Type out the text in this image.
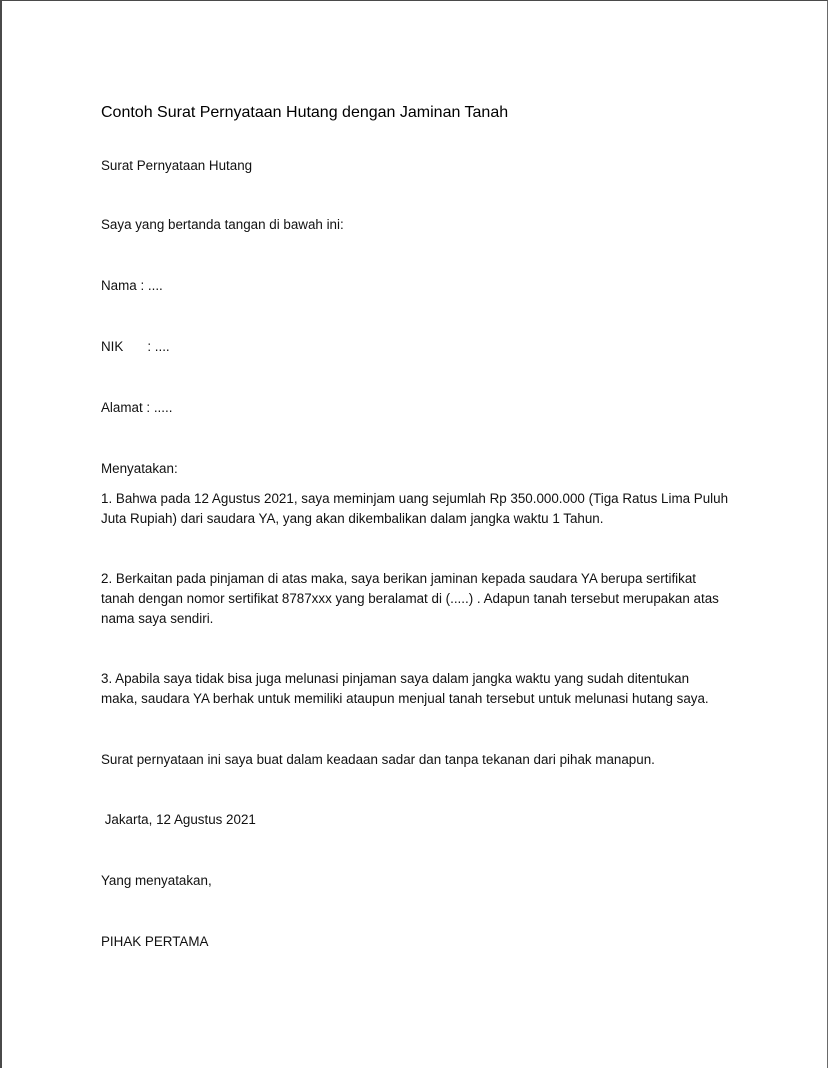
Contoh Surat Pernyataan Hutang dengan Jaminan Tanah
Surat Pernyataan Hutang
Saya yang bertanda tangan di bawah ini:
Nama : ....
NIK : ....
Alamat : .....
Menyatakan:
1. Bahwa pada 12 Agustus 2021, saya meminjam uang sejumlah Rp 350.000.000 (Tiga Ratus Lima Puluh
Juta Rupiah) dari saudara YA, yang akan dikembalikan dalam jangka waktu 1 Tahun.
2. Berkaitan pada pinjaman di atas maka, saya berikan jaminan kepada saudara YA berupa sertifikat
tanah dengan nomor sertifikat 8787xxx yang beralamat di (.....) . Adapun tanah tersebut merupakan atas
nama saya sendiri.
3. Apabila saya tidak bisa juga melunasi pinjaman saya dalam jangka waktu yang sudah ditentukan
maka, saudara YA berhak untuk memiliki ataupun menjual tanah tersebut untuk melunasi hutang saya.
Surat pernyataan ini saya buat dalam keadaan sadar dan tanpa tekanan dari pihak manapun.
Jakarta, 12 Agustus 2021
Yang menyatakan,
PIHAK PERTAMA
